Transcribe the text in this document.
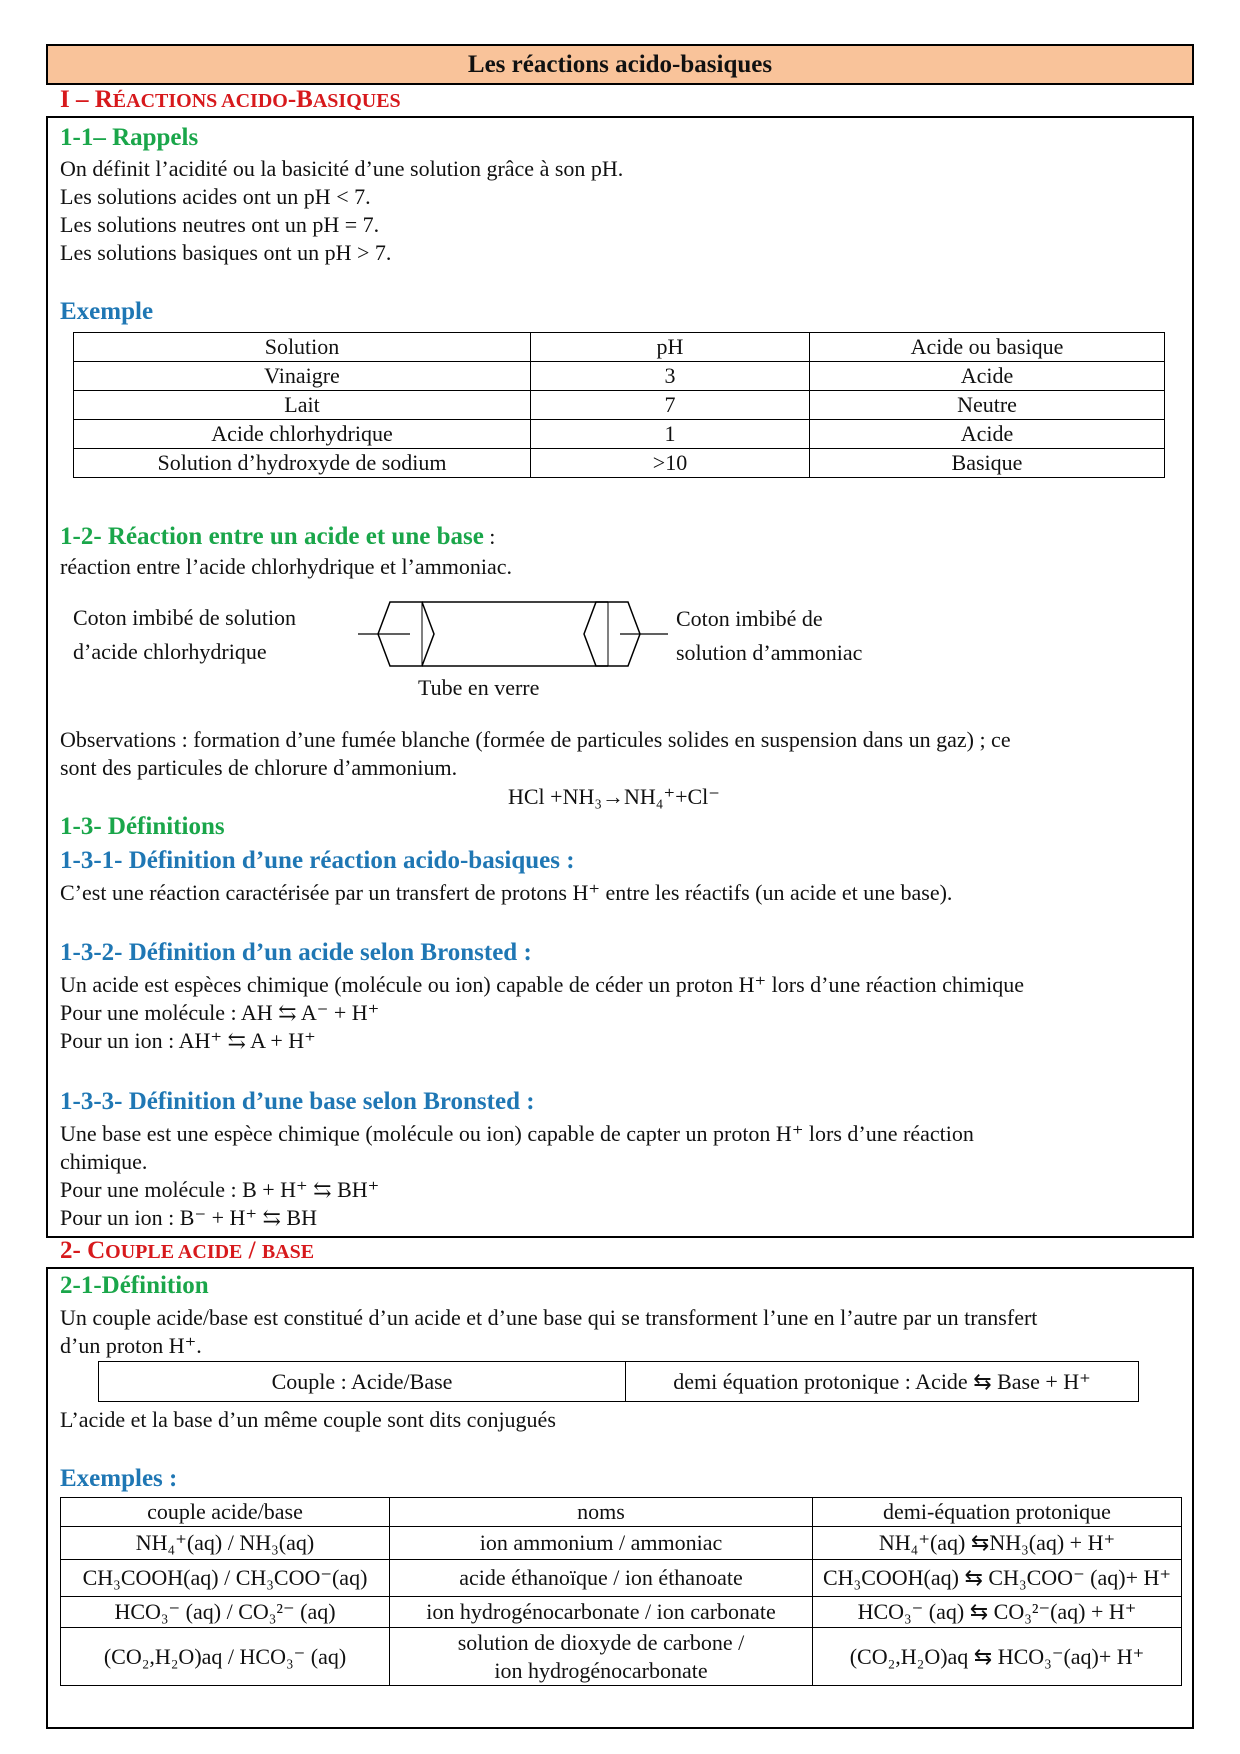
Les réactions acido-basiques
I – RÉACTIONS ACIDO-BASIQUES
1-1– Rappels
On définit l’acidité ou la basicité d’une solution grâce à son pH.
Les solutions acides ont un pH < 7.
Les solutions neutres ont un pH = 7.
Les solutions basiques ont un pH > 7.
Exemple
Solution	pH	Acide ou basique
Vinaigre	3	Acide
Lait	7	Neutre
Acide chlorhydrique	1	Acide
Solution d’hydroxyde de sodium	>10	Basique
1-2- Réaction entre un acide et une base :
réaction entre l’acide chlorhydrique et l’ammoniac.
Coton imbibé de solution
d’acide chlorhydrique
Coton imbibé de
solution d’ammoniac
Tube en verre
Observations : formation d’une fumée blanche (formée de particules solides en suspension dans un gaz) ; ce
sont des particules de chlorure d’ammonium.
HCl +NH₃→NH₄⁺+Cl⁻
1-3- Définitions
1-3-1- Définition d’une réaction acido-basiques :
C’est une réaction caractérisée par un transfert de protons H⁺ entre les réactifs (un acide et une base).
1-3-2- Définition d’un acide selon Bronsted :
Un acide est espèces chimique (molécule ou ion) capable de céder un proton H⁺ lors d’une réaction chimique
Pour une molécule : AH ⇆ A⁻ + H⁺
Pour un ion : AH⁺ ⇆ A + H⁺
1-3-3- Définition d’une base selon Bronsted :
Une base est une espèce chimique (molécule ou ion) capable de capter un proton H⁺ lors d’une réaction
chimique.
Pour une molécule : B + H⁺ ⇆ BH⁺
Pour un ion : B⁻ + H⁺ ⇆ BH
2- COUPLE ACIDE / BASE
2-1-Définition
Un couple acide/base est constitué d’un acide et d’une base qui se transforment l’une en l’autre par un transfert
d’un proton H⁺.
Couple : Acide/Base	demi équation protonique : Acide ⇆ Base + H⁺
L’acide et la base d’un même couple sont dits conjugués
Exemples :
couple acide/base	noms	demi-équation protonique
NH₄⁺(aq) / NH₃(aq)	ion ammonium / ammoniac	NH₄⁺(aq) ⇆NH₃(aq) + H⁺
CH₃COOH(aq) / CH₃COO⁻(aq)	acide éthanoïque / ion éthanoate	CH₃COOH(aq) ⇆ CH₃COO⁻ (aq)+ H⁺
HCO₃⁻ (aq) / CO₃²⁻ (aq)	ion hydrogénocarbonate / ion carbonate	HCO₃⁻ (aq) ⇆ CO₃²⁻(aq) + H⁺
(CO₂,H₂O)aq / HCO₃⁻ (aq)	solution de dioxyde de carbone /
ion hydrogénocarbonate	(CO₂,H₂O)aq ⇆ HCO₃⁻(aq)+ H⁺
